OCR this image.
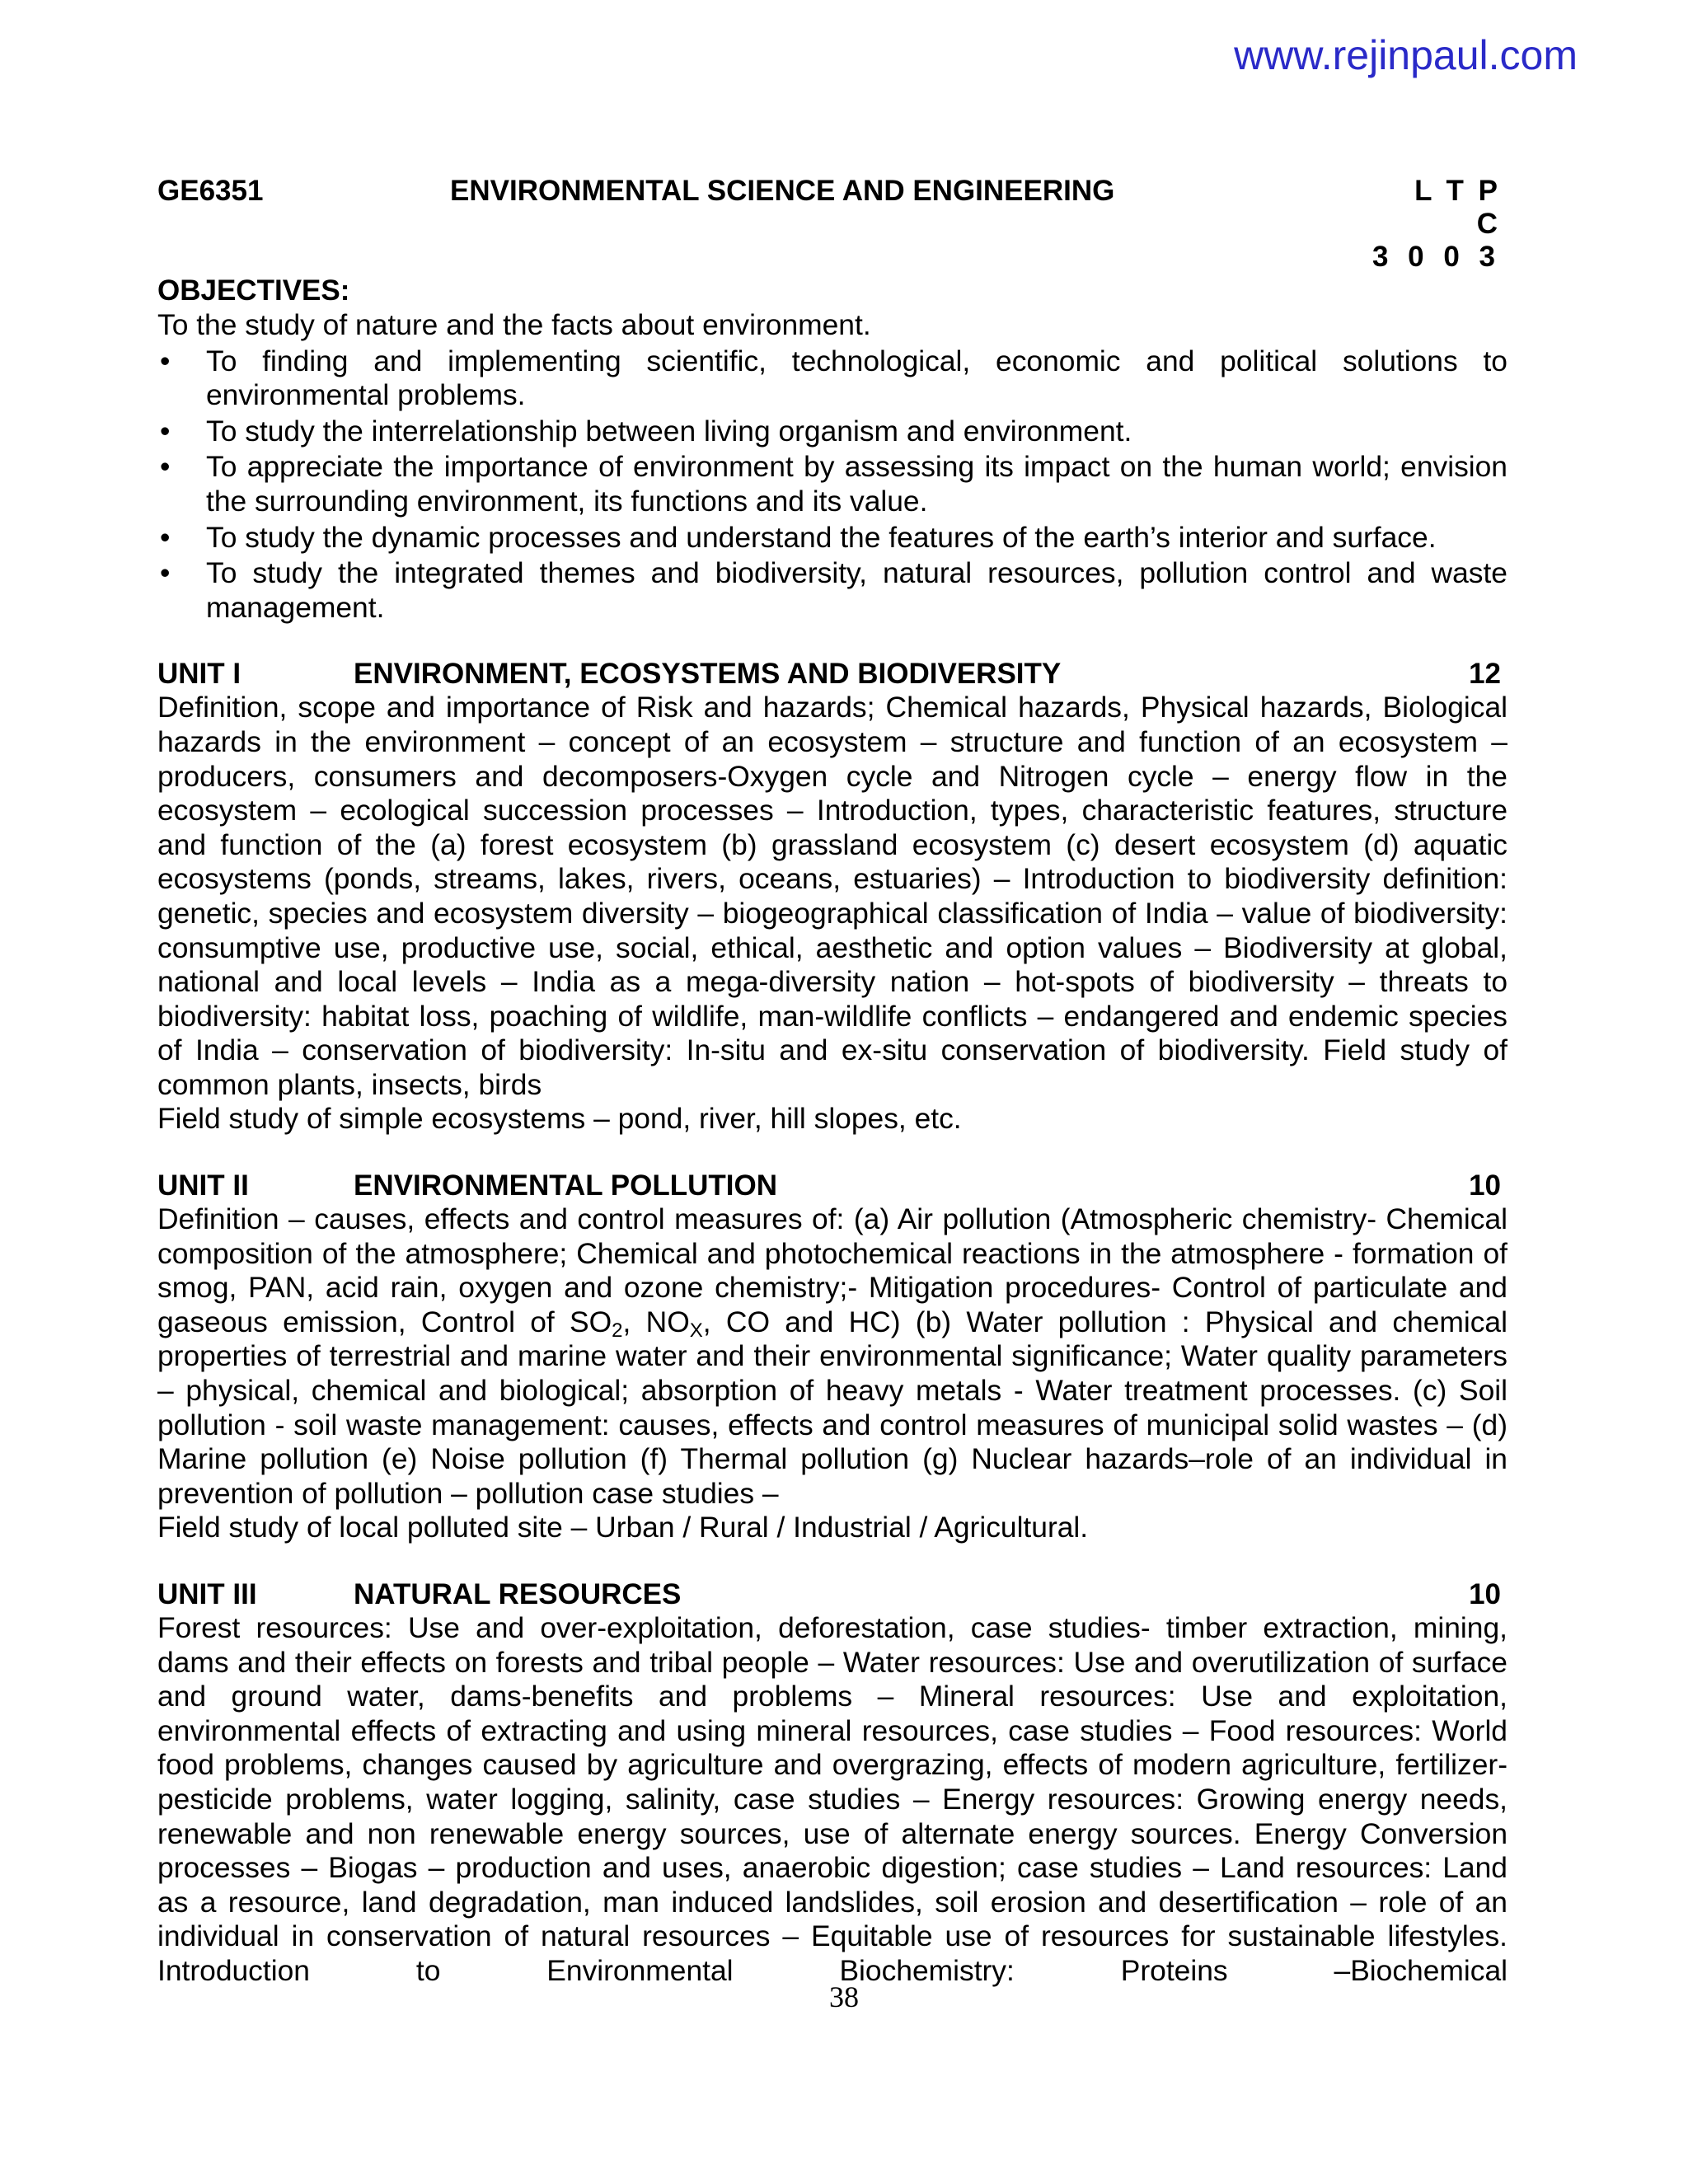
www.rejinpaul.com
GE6351	ENVIRONMENTAL SCIENCE AND ENGINEERING	L T P C
3 0 0 3
OBJECTIVES:

To the study of nature and the facts about environment.

• To finding and implementing scientific, technological, economic and political solutions to environmental problems.
• To study the interrelationship between living organism and environment.
• To appreciate the importance of environment by assessing its impact on the human world; envision the surrounding environment, its functions and its value.
• To study the dynamic processes and understand the features of the earth’s interior and surface.
• To study the integrated themes and biodiversity, natural resources, pollution control and waste management.
UNIT I	ENVIRONMENT, ECOSYSTEMS AND BIODIVERSITY	12

Definition, scope and importance of Risk and hazards; Chemical hazards, Physical hazards, Biological hazards in the environment – concept of an ecosystem – structure and function of an ecosystem – producers, consumers and decomposers-Oxygen cycle and Nitrogen cycle – energy flow in the ecosystem – ecological succession processes – Introduction, types, characteristic features, structure and function of the (a) forest ecosystem (b) grassland ecosystem (c) desert ecosystem (d) aquatic ecosystems (ponds, streams, lakes, rivers, oceans, estuaries) – Introduction to biodiversity definition: genetic, species and ecosystem diversity – biogeographical classification of India – value of biodiversity: consumptive use, productive use, social, ethical, aesthetic and option values – Biodiversity at global, national and local levels – India as a mega-diversity nation – hot-spots of biodiversity – threats to biodiversity: habitat loss, poaching of wildlife, man-wildlife conflicts – endangered and endemic species of India – conservation of biodiversity: In-situ and ex-situ conservation of biodiversity. Field study of common plants, insects, birds

Field study of simple ecosystems – pond, river, hill slopes, etc.

UNIT II	ENVIRONMENTAL POLLUTION	10

Definition – causes, effects and control measures of: (a) Air pollution (Atmospheric chemistry- Chemical composition of the atmosphere; Chemical and photochemical reactions in the atmosphere - formation of smog, PAN, acid rain, oxygen and ozone chemistry;- Mitigation procedures- Control of particulate and gaseous emission, Control of $SO_2$, $NO_X$, CO and HC) (b) Water pollution : Physical and chemical properties of terrestrial and marine water and their environmental significance; Water quality parameters – physical, chemical and biological; absorption of heavy metals - Water treatment processes. (c) Soil pollution - soil waste management: causes, effects and control measures of municipal solid wastes – (d) Marine pollution (e) Noise pollution (f) Thermal pollution (g) Nuclear hazards–role of an individual in prevention of pollution – pollution case studies –

Field study of local polluted site – Urban / Rural / Industrial / Agricultural.

UNIT III	NATURAL RESOURCES	10

Forest resources: Use and over-exploitation, deforestation, case studies- timber extraction, mining, dams and their effects on forests and tribal people – Water resources: Use and overutilization of surface and ground water, dams-benefits and problems – Mineral resources: Use and exploitation, environmental effects of extracting and using mineral resources, case studies – Food resources: World food problems, changes caused by agriculture and overgrazing, effects of modern agriculture, fertilizer-pesticide problems, water logging, salinity, case studies – Energy resources: Growing energy needs, renewable and non renewable energy sources, use of alternate energy sources. Energy Conversion processes – Biogas – production and uses, anaerobic digestion; case studies – Land resources: Land as a resource, land degradation, man induced landslides, soil erosion and desertification – role of an individual in conservation of natural resources – Equitable use of resources for sustainable lifestyles. Introduction to Environmental Biochemistry: Proteins –Biochemical

38
